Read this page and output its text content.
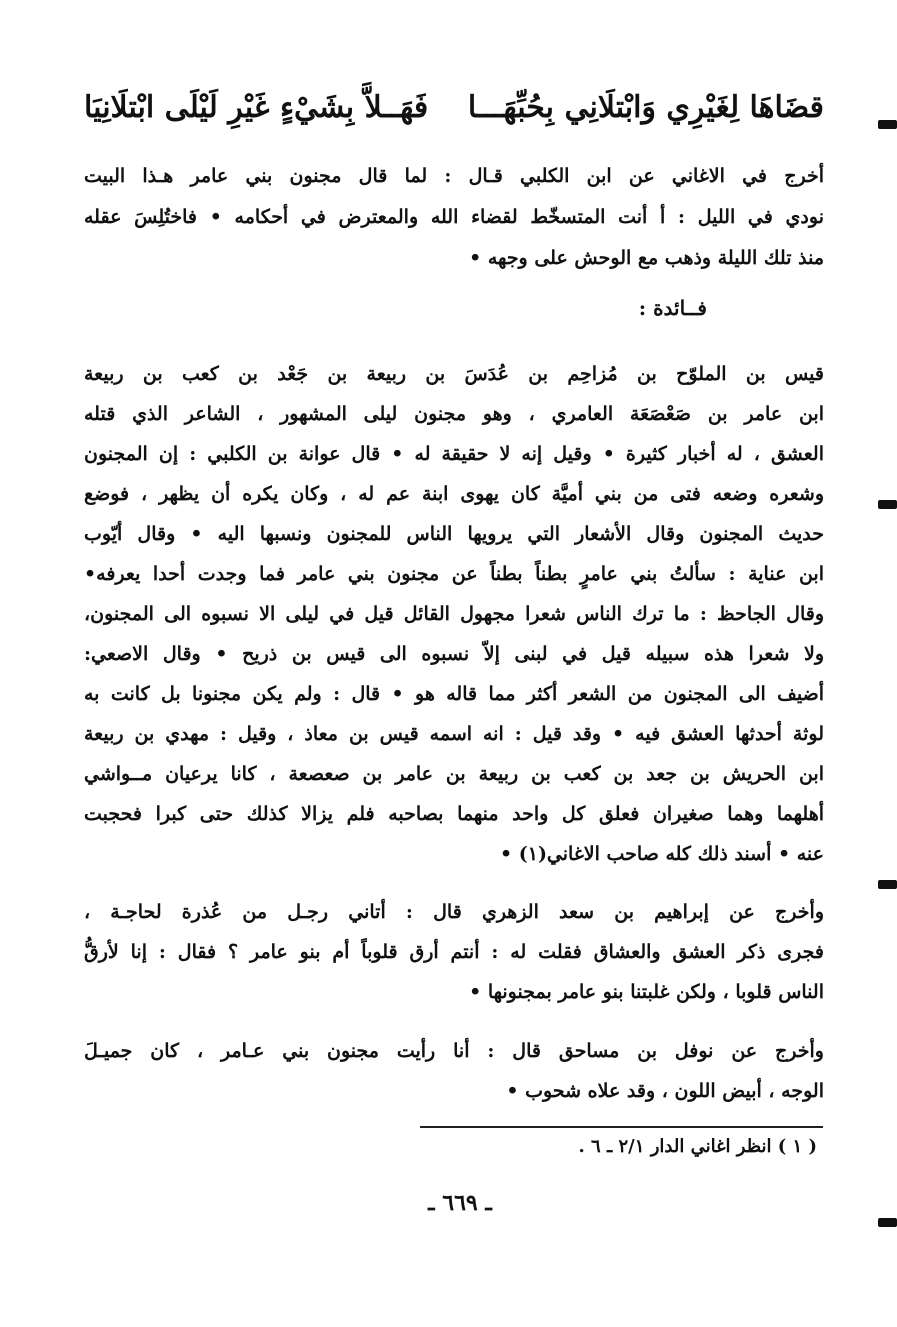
قضَاهَا لِغَيْرِي وَابْتلَانِي بِحُبِّهَـــا
فَهَــلاَّ بِشَيْءٍ غَيْرِ لَيْلَى ابْتلَانِيَا
أخرج في الاغاني عن ابن الكلبي قـال : لما قال مجنون بني عامر هـذا البيت
نودي في الليل : أ أنت المتسخّط لقضاء الله والمعترض في أحكامه • فاختُلِسَ عقله
منذ تلك الليلة وذهب مع الوحش على وجهه •
فــائدة :
قيس بن الملوّح بن مُزاحِم بن عُدَسَ بن ربيعة بن جَعْد بن كعب بن ربيعة
ابن عامر بن صَعْصَعَة العامري ، وهو مجنون ليلى المشهور ، الشاعر الذي قتله
العشق ، له أخبار كثيرة • وقيل إنه لا حقيقة له • قال عوانة بن الكلبي : إن المجنون
وشعره وضعه فتى من بني أميَّة كان يهوى ابنة عم له ، وكان يكره أن يظهر ، فوضع
حديث المجنون وقال الأشعار التي يرويها الناس للمجنون ونسبها اليه • وقال أيّوب
ابن عناية : سألتُ بني عامرٍ بطناً بطناً عن مجنون بني عامر فما وجدت أحدا يعرفه•
وقال الجاحظ : ما ترك الناس شعرا مجهول القائل قيل في ليلى الا نسبوه الى المجنون،
ولا شعرا هذه سبيله قيل في لبنى إلاّ نسبوه الى قيس بن ذريح • وقال الاصعي:
أضيف الى المجنون من الشعر أكثر مما قاله هو • قال : ولم يكن مجنونا بل كانت به
لوثة أحدثها العشق فيه • وقد قيل : انه اسمه قيس بن معاذ ، وقيل : مهدي بن ربيعة
ابن الحريش بن جعد بن كعب بن ربيعة بن عامر بن صعصعة ، كانا يرعيان مــواشي
أهلهما وهما صغيران فعلق كل واحد منهما بصاحبه فلم يزالا كذلك حتى كبرا فحجبت
عنه • أسند ذلك كله صاحب الاغاني(١) •
وأخرج عن إبراهيم بن سعد الزهري قال : أتاني رجـل من عُذرة لحاجـة ،
فجرى ذكر العشق والعشاق فقلت له : أنتم أرق قلوباً أم بنو عامر ؟ فقال : إنا لأرقُّ
الناس قلوبا ، ولكن غلبتنا بنو عامر بمجنونها •
وأخرج عن نوفل بن مساحق قال : أنا رأيت مجنون بني عـامر ، كان جميـلَ
الوجه ، أبيض اللون ، وقد علاه شحوب •
( ١ ) انظر اغاني الدار ٢/١ ـ ٦ .
ـ ٦٦٩ ـ
